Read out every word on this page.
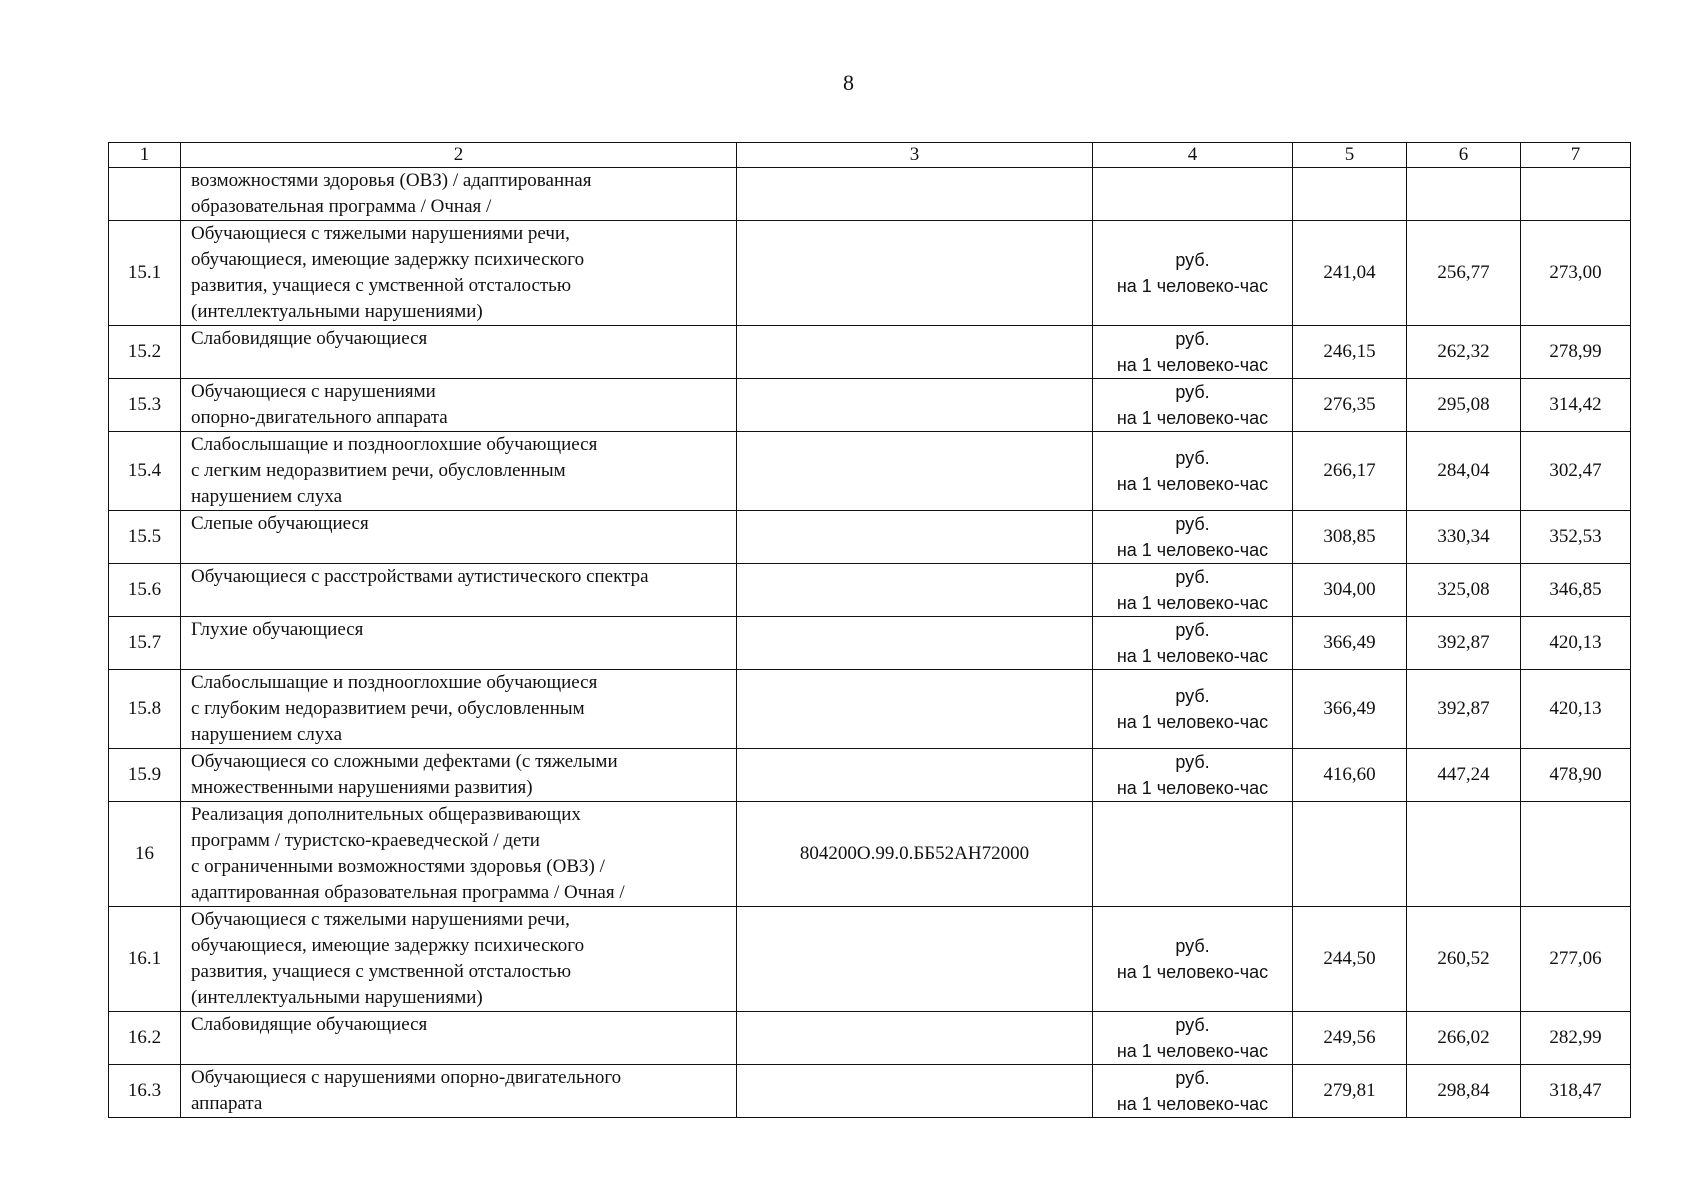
8
1	2	3	4	5	6	7

	возможностями здоровья (ОВЗ) / адаптированная
образовательная программа / Очная /					

15.1	Обучающиеся с тяжелыми нарушениями речи,
обучающиеся, имеющие задержку психического
развития, учащиеся с умственной отсталостью
(интеллектуальными нарушениями)		руб.
на 1 человеко-час	241,04	256,77	273,00
15.2	Слабовидящие обучающиеся		руб.
на 1 человеко-час	246,15	262,32	278,99
15.3	Обучающиеся с нарушениями
опорно-двигательного аппарата		руб.
на 1 человеко-час	276,35	295,08	314,42
15.4	Слабослышащие и позднооглохшие обучающиеся
с легким недоразвитием речи, обусловленным
нарушением слуха		руб.
на 1 человеко-час	266,17	284,04	302,47
15.5	Слепые обучающиеся		руб.
на 1 человеко-час	308,85	330,34	352,53
15.6	Обучающиеся с расстройствами аутистического спектра		руб.
на 1 человеко-час	304,00	325,08	346,85
15.7	Глухие обучающиеся		руб.
на 1 человеко-час	366,49	392,87	420,13
15.8	Слабослышащие и позднооглохшие обучающиеся
с глубоким недоразвитием речи, обусловленным
нарушением слуха		руб.
на 1 человеко-час	366,49	392,87	420,13
15.9	Обучающиеся со сложными дефектами (с тяжелыми
множественными нарушениями развития)		руб.
на 1 человеко-час	416,60	447,24	478,90
16	Реализация дополнительных общеразвивающих
программ / туристско-краеведческой / дети
с ограниченными возможностями здоровья (ОВЗ) /
адаптированная образовательная программа / Очная /	804200О.99.0.ББ52АН72000				
16.1	Обучающиеся с тяжелыми нарушениями речи,
обучающиеся, имеющие задержку психического
развития, учащиеся с умственной отсталостью
(интеллектуальными нарушениями)		руб.
на 1 человеко-час	244,50	260,52	277,06
16.2	Слабовидящие обучающиеся		руб.
на 1 человеко-час	249,56	266,02	282,99
16.3	Обучающиеся с нарушениями опорно-двигательного
аппарата		руб.
на 1 человеко-час	279,81	298,84	318,47
